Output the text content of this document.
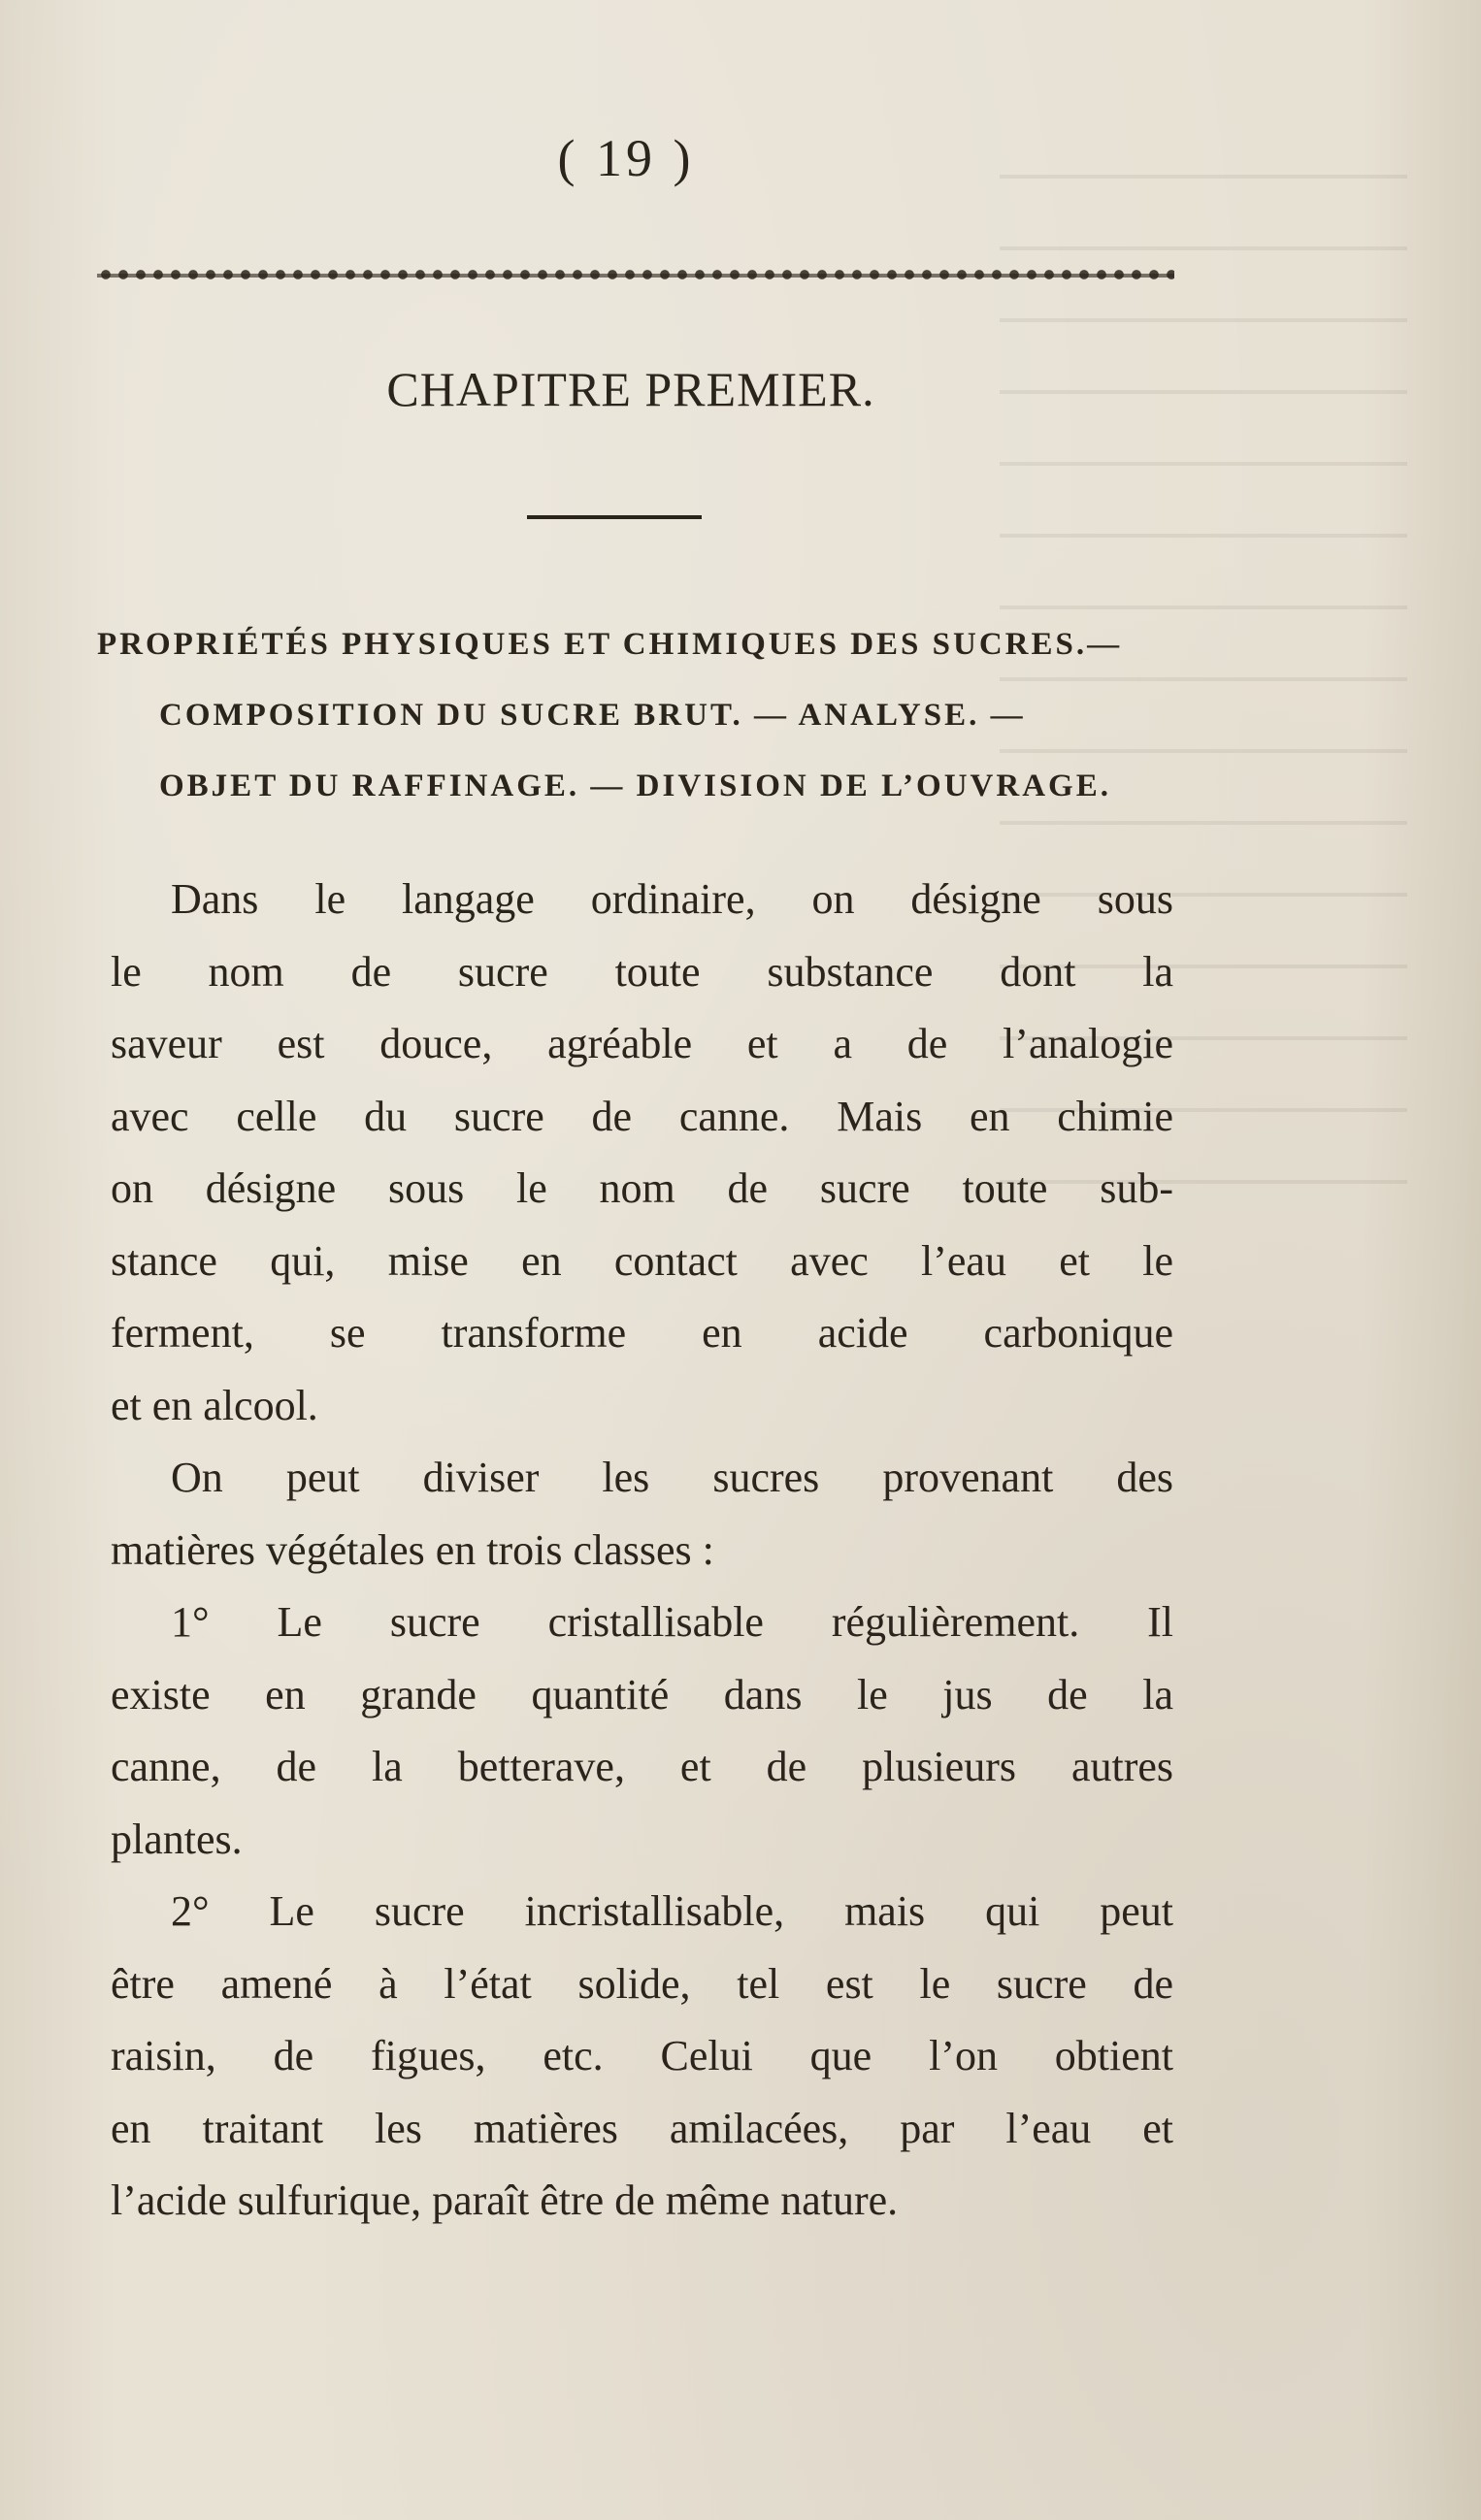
( 19 )
CHAPITRE PREMIER.
PROPRIÉTÉS PHYSIQUES ET CHIMIQUES DES SUCRES.—
COMPOSITION DU SUCRE BRUT. — ANALYSE. —
OBJET DU RAFFINAGE. — DIVISION DE L’OUVRAGE.
Dans le langage ordinaire, on désigne sous
le nom de sucre toute substance dont la
saveur est douce, agréable et a de l’analogie
avec celle du sucre de canne. Mais en chimie
on désigne sous le nom de sucre toute sub-
stance qui, mise en contact avec l’eau et le
ferment, se transforme en acide carbonique
et en alcool.
On peut diviser les sucres provenant des
matières végétales en trois classes :
1° Le sucre cristallisable régulièrement. Il
existe en grande quantité dans le jus de la
canne, de la betterave, et de plusieurs autres
plantes.
2° Le sucre incristallisable, mais qui peut
être amené à l’état solide, tel est le sucre de
raisin, de figues, etc. Celui que l’on obtient
en traitant les matières amilacées, par l’eau et
l’acide sulfurique, paraît être de même nature.
